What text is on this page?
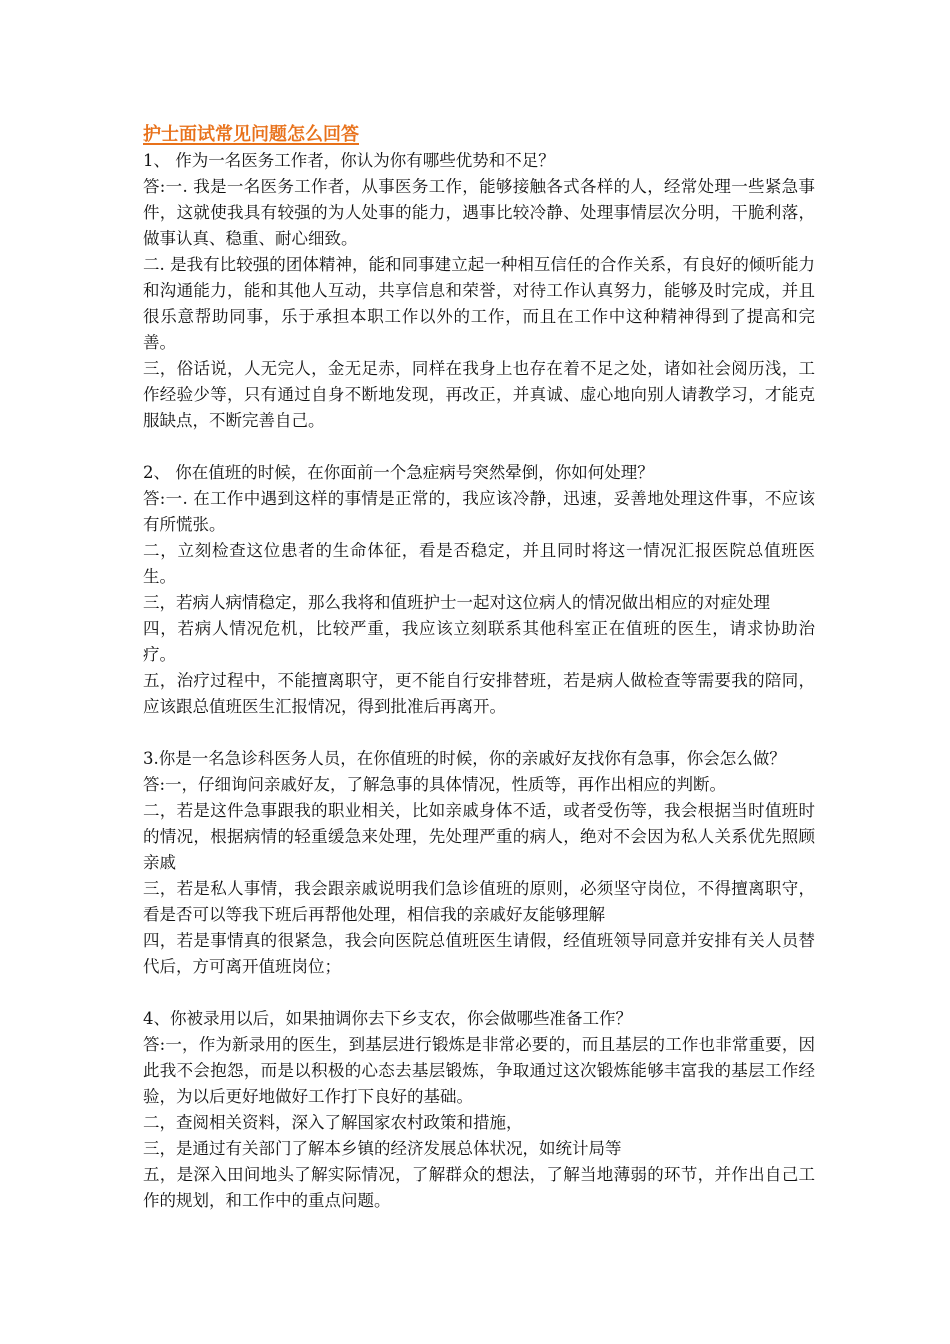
护士面试常见问题怎么回答

1、 作为一名医务工作者，你认为你有哪些优势和不足？

答:一. 我是一名医务工作者，从事医务工作，能够接触各式各样的人，经常处理一些紧急事件，这就使我具有较强的为人处事的能力，遇事比较冷静、处理事情层次分明，干脆利落，做事认真、稳重、耐心细致。

二. 是我有比较强的团体精神，能和同事建立起一种相互信任的合作关系，有良好的倾听能力和沟通能力，能和其他人互动，共享信息和荣誉，对待工作认真努力，能够及时完成，并且很乐意帮助同事，乐于承担本职工作以外的工作，而且在工作中这种精神得到了提高和完善。

三，俗话说，人无完人，金无足赤，同样在我身上也存在着不足之处，诸如社会阅历浅，工作经验少等，只有通过自身不断地发现，再改正，并真诚、虚心地向别人请教学习，才能克服缺点，不断完善自己。

2、 你在值班的时候，在你面前一个急症病号突然晕倒，你如何处理？

答:一. 在工作中遇到这样的事情是正常的，我应该冷静，迅速，妥善地处理这件事，不应该有所慌张。

二，立刻检查这位患者的生命体征，看是否稳定，并且同时将这一情况汇报医院总值班医生。

三，若病人病情稳定，那么我将和值班护士一起对这位病人的情况做出相应的对症处理

四，若病人情况危机，比较严重，我应该立刻联系其他科室正在值班的医生，请求协助治疗。

五，治疗过程中，不能擅离职守，更不能自行安排替班，若是病人做检查等需要我的陪同，应该跟总值班医生汇报情况，得到批准后再离开。

3.你是一名急诊科医务人员，在你值班的时候，你的亲戚好友找你有急事，你会怎么做？

答:一，仔细询问亲戚好友，了解急事的具体情况，性质等，再作出相应的判断。

二，若是这件急事跟我的职业相关，比如亲戚身体不适，或者受伤等，我会根据当时值班时的情况，根据病情的轻重缓急来处理，先处理严重的病人，绝对不会因为私人关系优先照顾亲戚

三，若是私人事情，我会跟亲戚说明我们急诊值班的原则，必须坚守岗位，不得擅离职守，看是否可以等我下班后再帮他处理，相信我的亲戚好友能够理解

四，若是事情真的很紧急，我会向医院总值班医生请假，经值班领导同意并安排有关人员替代后，方可离开值班岗位；

4、你被录用以后，如果抽调你去下乡支农，你会做哪些准备工作？

答:一，作为新录用的医生，到基层进行锻炼是非常必要的，而且基层的工作也非常重要，因此我不会抱怨，而是以积极的心态去基层锻炼，争取通过这次锻炼能够丰富我的基层工作经验，为以后更好地做好工作打下良好的基础。

二，查阅相关资料，深入了解国家农村政策和措施，

三，是通过有关部门了解本乡镇的经济发展总体状况，如统计局等

五，是深入田间地头了解实际情况，了解群众的想法，了解当地薄弱的环节，并作出自己工作的规划，和工作中的重点问题。
